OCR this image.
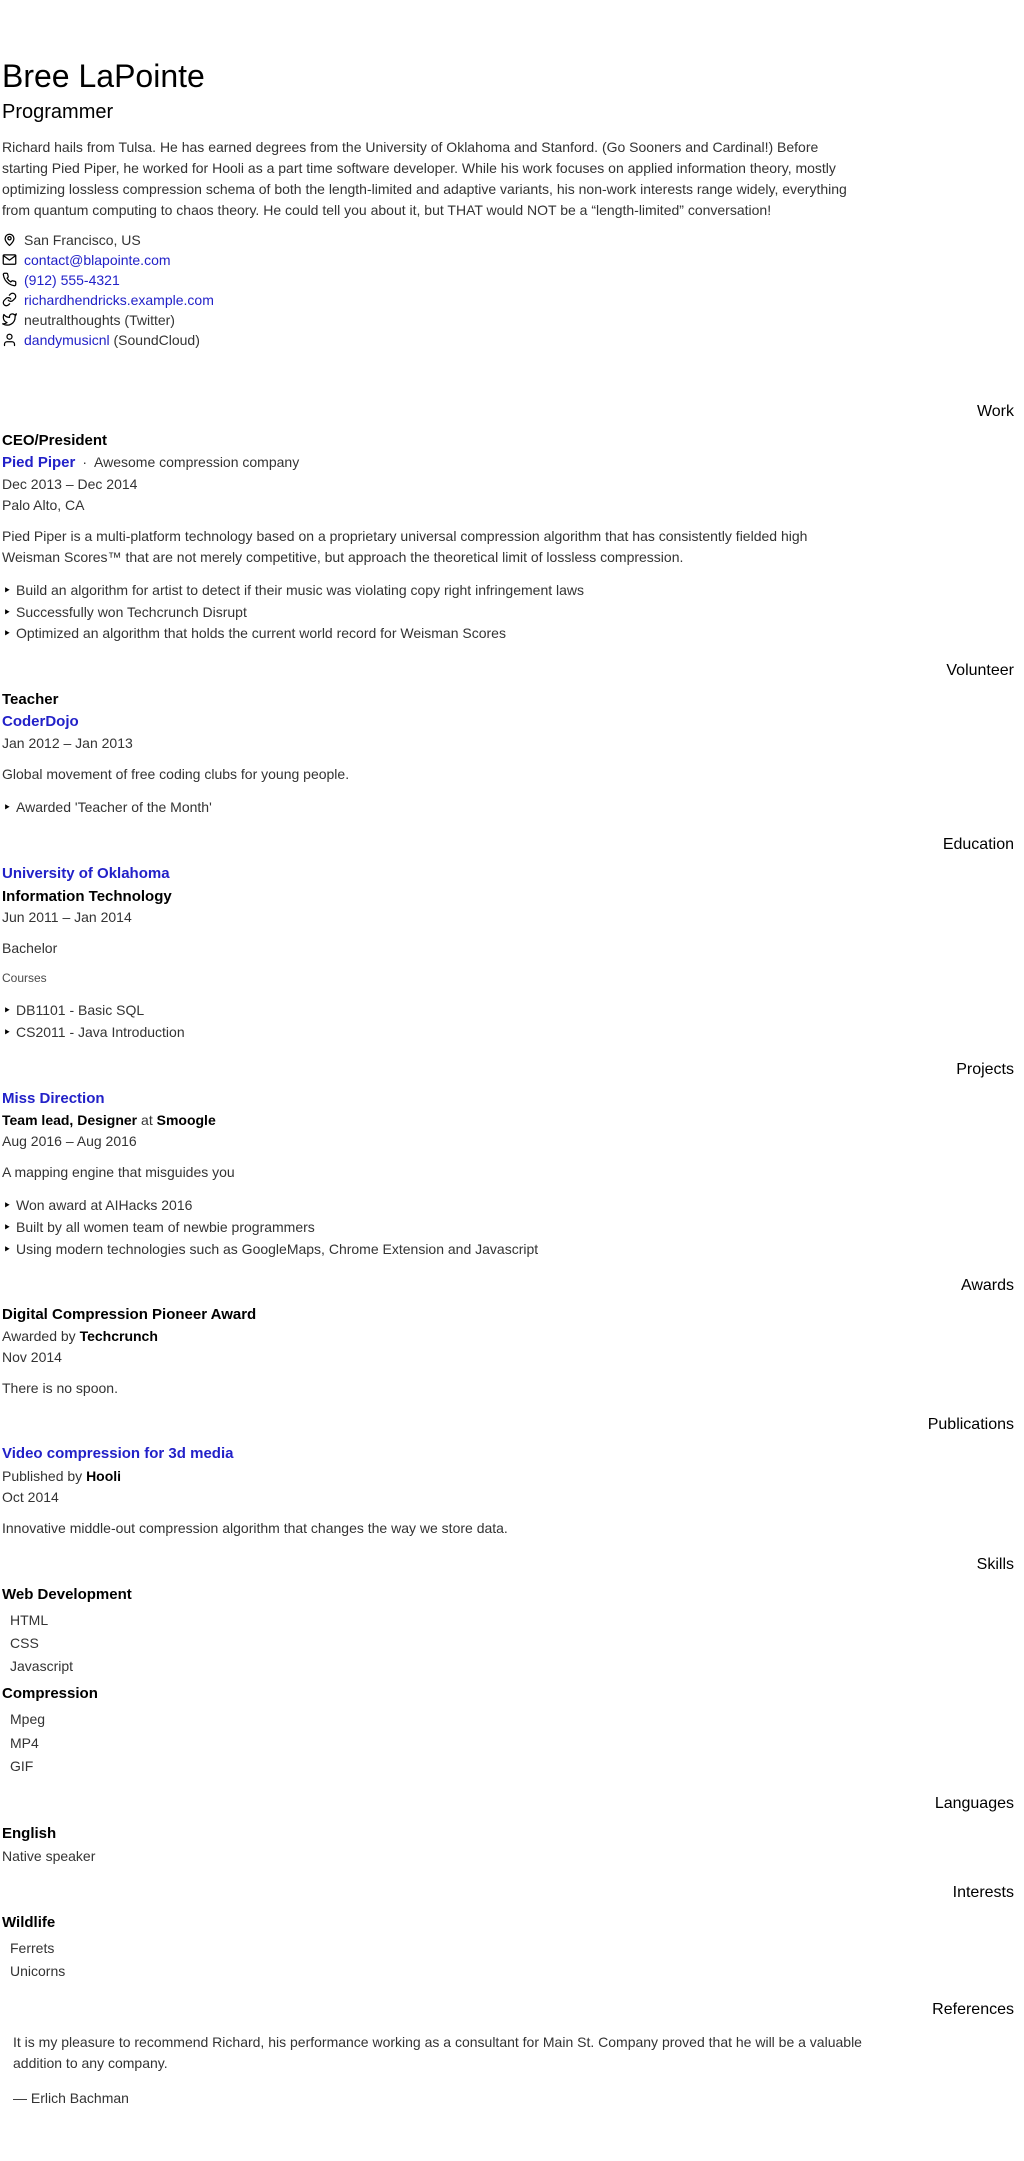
Bree LaPointe
Programmer

Richard hails from Tulsa. He has earned degrees from the University of Oklahoma and Stanford. (Go Sooners and Cardinal!) Before starting Pied Piper, he worked for Hooli as a part time software developer. While his work focuses on applied information theory, mostly optimizing lossless compression schema of both the length-limited and adaptive variants, his non-work interests range widely, everything from quantum computing to chaos theory. He could tell you about it, but THAT would NOT be a “length-limited” conversation!

San Francisco, US
contact@blapointe.com
(912) 555-4321
richardhendricks.example.com
neutralthoughts (Twitter)
dandymusicnl (SoundCloud)
Work
CEO/President
Pied Piper · Awesome compression company
Dec 2013 – Dec 2014
Palo Alto, CA

Pied Piper is a multi-platform technology based on a proprietary universal compression algorithm that has consistently fielded high Weisman Scores™ that are not merely competitive, but approach the theoretical limit of lossless compression.

‣ Build an algorithm for artist to detect if their music was violating copy right infringement laws
‣ Successfully won Techcrunch Disrupt
‣ Optimized an algorithm that holds the current world record for Weisman Scores
Volunteer
Teacher
CoderDojo
Jan 2012 – Jan 2013

Global movement of free coding clubs for young people.

‣ Awarded 'Teacher of the Month'
Education
University of Oklahoma
Information Technology
Jun 2011 – Jan 2014

Bachelor

Courses
‣ DB1101 - Basic SQL
‣ CS2011 - Java Introduction
Projects
Miss Direction
Team lead, Designer at Smoogle
Aug 2016 – Aug 2016

A mapping engine that misguides you

‣ Won award at AIHacks 2016
‣ Built by all women team of newbie programmers
‣ Using modern technologies such as GoogleMaps, Chrome Extension and Javascript
Awards
Digital Compression Pioneer Award
Awarded by Techcrunch
Nov 2014

There is no spoon.

Publications
Video compression for 3d media
Published by Hooli
Oct 2014

Innovative middle-out compression algorithm that changes the way we store data.

Skills
Web Development
HTML
CSS
Javascript
Compression
Mpeg
MP4
GIF
Languages
English
Native speaker
Interests
Wildlife
Ferrets
Unicorns
References
It is my pleasure to recommend Richard, his performance working as a consultant for Main St. Company proved that he will be a valuable addition to any company.

— Erlich Bachman
